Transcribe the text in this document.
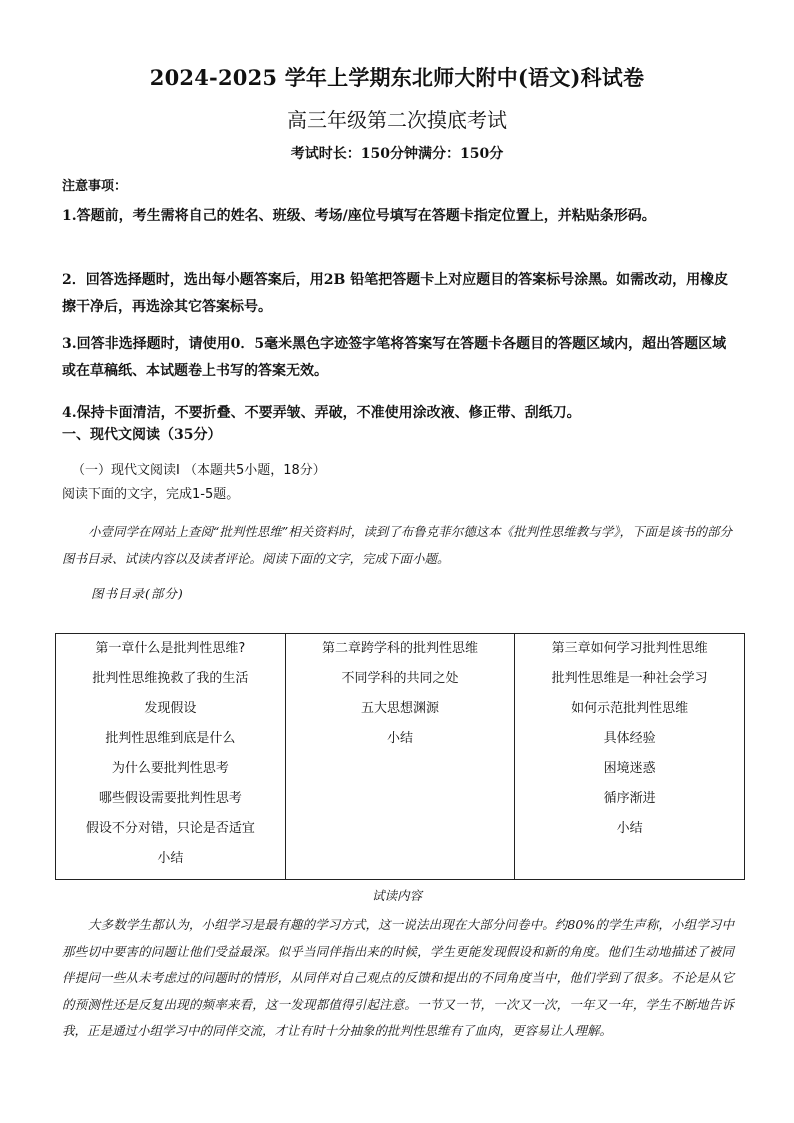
2024-2025 学年上学期东北师大附中(语文)科试卷
高三年级第二次摸底考试
考试时长：150分钟满分：150分
注意事项：
1.答题前，考生需将自己的姓名、班级、考场/座位号填写在答题卡指定位置上，并粘贴条形码。
2．回答选择题时，选出每小题答案后，用2B 铅笔把答题卡上对应题目的答案标号涂黑。如需改动，用橡皮擦干净后，再选涂其它答案标号。
3.回答非选择题时，请使用0．5毫米黑色字迹签字笔将答案写在答题卡各题目的答题区域内，超出答题区域或在草稿纸、本试题卷上书写的答案无效。
4.保持卡面清洁，不要折叠、不要弄皱、弄破，不准使用涂改液、修正带、刮纸刀。
一、现代文阅读（35分）
（一）现代文阅读I （本题共5小题，18分）
阅读下面的文字，完成1-5题。
小壹同学在网站上查阅“批判性思维”相关资料时，读到了布鲁克菲尔德这本《批判性思维教与学》，下面是该书的部分图书目录、试读内容以及读者评论。阅读下面的文字，完成下面小题。
图书目录(部分)
第一章什么是批判性思维?
批判性思维挽救了我的生活
发现假设
批判性思维到底是什么
为什么要批判性思考
哪些假设需要批判性思考
假设不分对错，只论是否适宜
小结
第二章跨学科的批判性思维
不同学科的共同之处
五大思想渊源
小结
第三章如何学习批判性思维
批判性思维是一种社会学习
如何示范批判性思维
具体经验
困境迷惑
循序渐进
小结
试读内容
大多数学生都认为，小组学习是最有趣的学习方式，这一说法出现在大部分问卷中。约80%的学生声称，小组学习中那些切中要害的问题让他们受益最深。似乎当同伴指出来的时候，学生更能发现假设和新的角度。他们生动地描述了被同伴提问一些从未考虑过的问题时的情形，从同伴对自己观点的反馈和提出的不同角度当中，他们学到了很多。不论是从它的预测性还是反复出现的频率来看，这一发现都值得引起注意。一节又一节，一次又一次，一年又一年，学生不断地告诉我，正是通过小组学习中的同伴交流，才让有时十分抽象的批判性思维有了血肉，更容易让人理解。
